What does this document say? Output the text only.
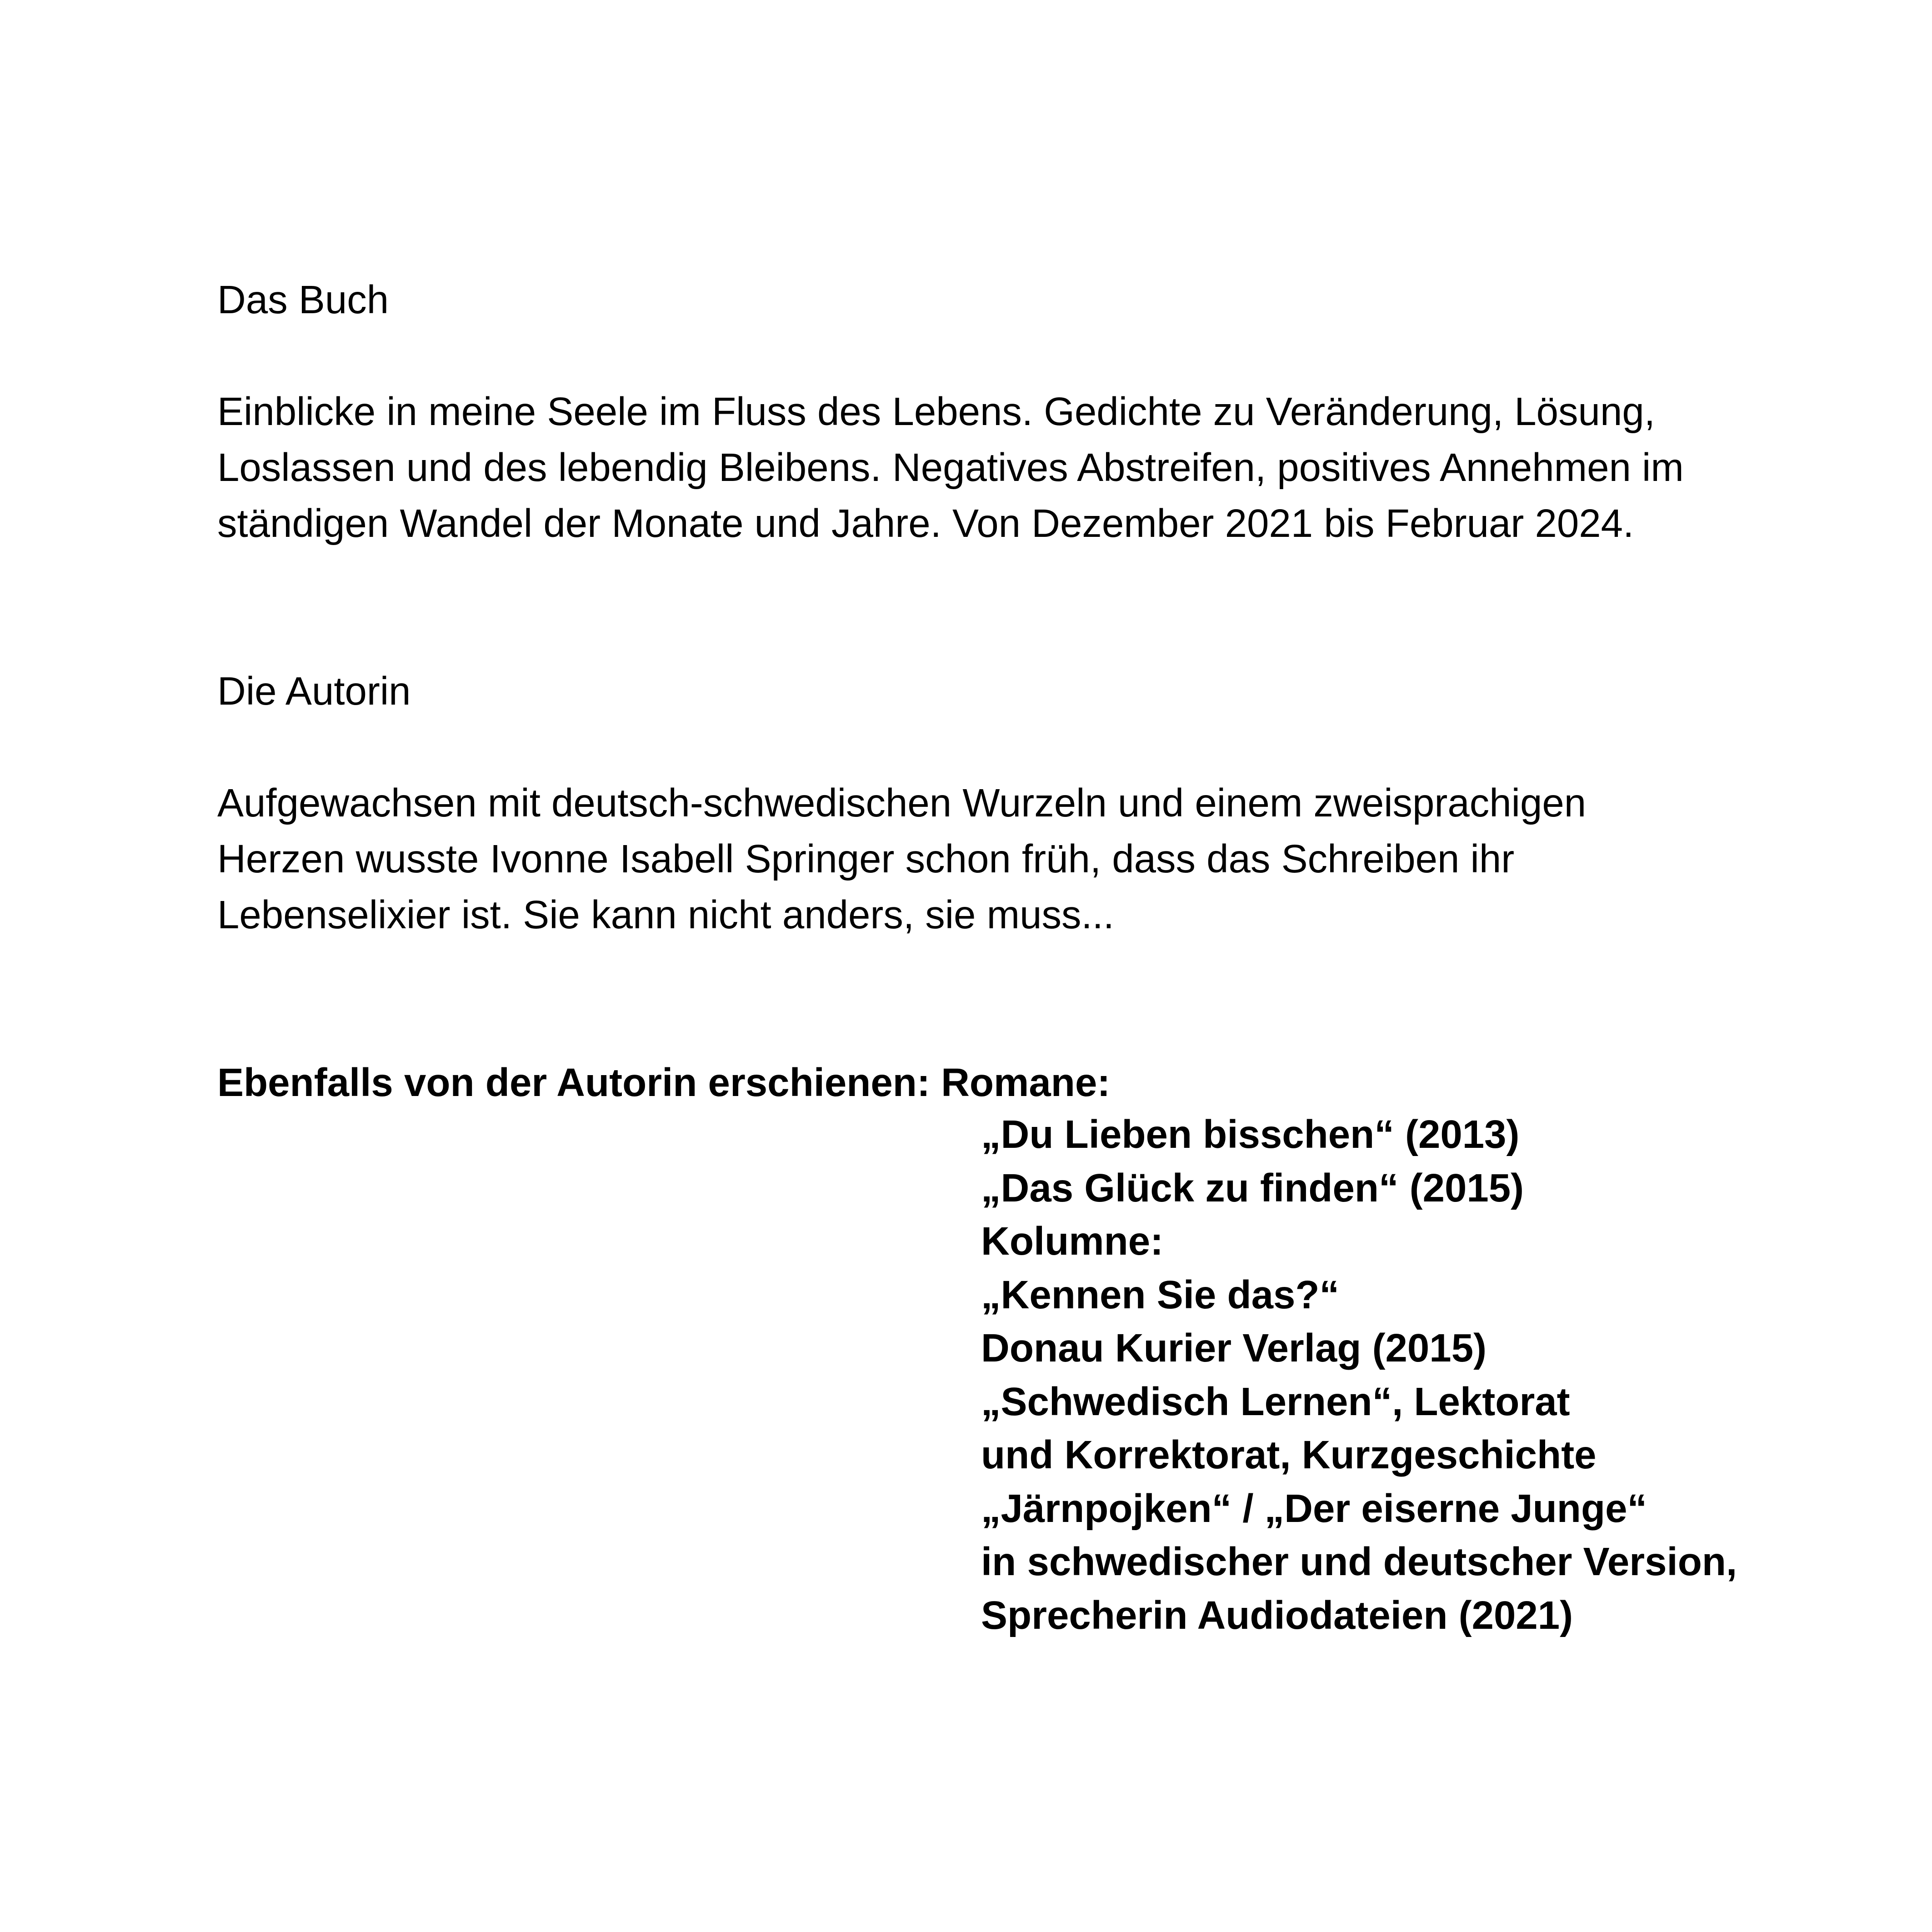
Das Buch

Einblicke in meine Seele im Fluss des Lebens. Gedichte zu Veränderung, Lösung,
Loslassen und des lebendig Bleibens. Negatives Abstreifen, positives Annehmen im
ständigen Wandel der Monate und Jahre. Von Dezember 2021 bis Februar 2024.

Die Autorin

Aufgewachsen mit deutsch-schwedischen Wurzeln und einem zweisprachigen
Herzen wusste Ivonne Isabell Springer schon früh, dass das Schreiben ihr
Lebenselixier ist. Sie kann nicht anders, sie muss...

Ebenfalls von der Autorin erschienen: Romane:

„Du Lieben bisschen“ (2013)
„Das Glück zu finden“ (2015)
Kolumne:
„Kennen Sie das?“
Donau Kurier Verlag (2015)
„Schwedisch Lernen“, Lektorat
und Korrektorat, Kurzgeschichte
„Järnpojken“ / „Der eiserne Junge“
in schwedischer und deutscher Version,
Sprecherin Audiodateien (2021)
